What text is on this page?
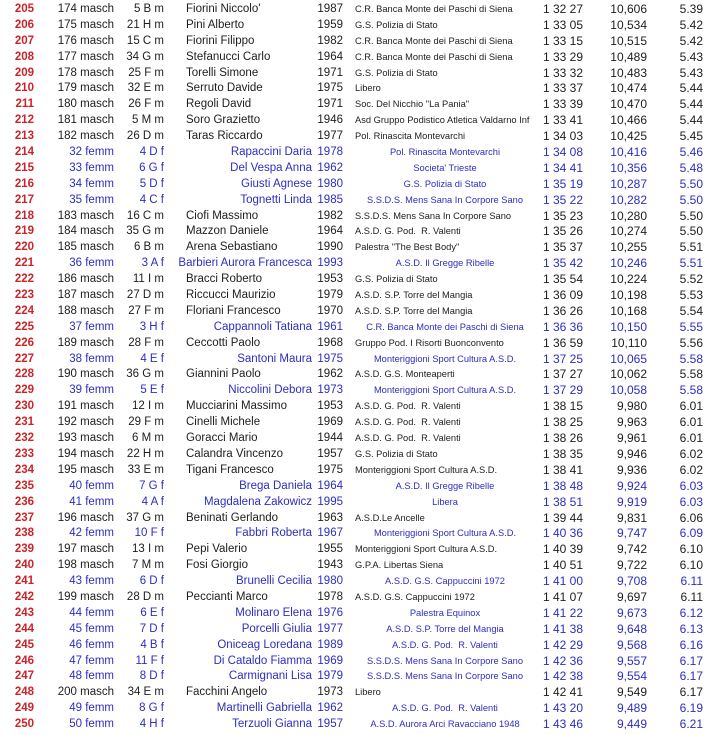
205	174 masch	5 B m	Fiorini Niccolo'	1987	C.R. Banca Monte dei Paschi di Siena	1 32 27	10,606	5.39
206	175 masch	21 H m	Pini Alberto	1959	G.S. Polizia di Stato	1 33 05	10,534	5.42
207	176 masch	15 C m	Fiorini Filippo	1982	C.R. Banca Monte dei Paschi di Siena	1 33 15	10,515	5.42
208	177 masch	34 G m	Stefanucci Carlo	1964	C.R. Banca Monte dei Paschi di Siena	1 33 29	10,489	5.43
209	178 masch	25 F m	Torelli Simone	1971	G.S. Polizia di Stato	1 33 32	10,483	5.43
210	179 masch	32 E m	Serruto Davide	1975	Libero	1 33 37	10,474	5.44
211	180 masch	26 F m	Regoli David	1971	Soc. Del Nicchio "La Pania"	1 33 39	10,470	5.44
212	181 masch	5 M m	Soro Grazietto	1946	Asd Gruppo Podistico Atletica Valdarno Inf	1 33 41	10,466	5.44
213	182 masch	26 D m	Taras Riccardo	1977	Pol. Rinascita Montevarchi	1 34 03	10,425	5.45
214	32 femm	4 D f	Rapaccini Daria 1978	Pol. Rinascita Montevarchi	1 34 08	10,416	5.46
215	33 femm	6 G f	Del Vespa Anna 1962	Societa' Trieste	1 34 41	10,356	5.48
216	34 femm	5 D f	Giusti Agnese 1980	G.S. Polizia di Stato	1 35 19	10,287	5.50
217	35 femm	4 C f	Tognetti Linda 1985	S.S.D.S. Mens Sana In Corpore Sano	1 35 22	10,282	5.50
218	183 masch	16 C m	Ciofi Massimo	1982	S.S.D.S. Mens Sana In Corpore Sano	1 35 23	10,280	5.50
219	184 masch	35 G m	Mazzon Daniele	1964	A.S.D. G. Pod.  R. Valenti	1 35 26	10,274	5.50
220	185 masch	6 B m	Arena Sebastiano	1990	Palestra "The Best Body"	1 35 37	10,255	5.51
221	36 femm	3 A f	Barbieri Aurora Francesca 1993	A.S.D. Il Gregge Ribelle	1 35 42	10,246	5.51
222	186 masch	11 I m	Bracci Roberto	1953	G.S. Polizia di Stato	1 35 54	10,224	5.52
223	187 masch	27 D m	Riccucci Maurizio	1979	A.S.D. S.P. Torre del Mangia	1 36 09	10,198	5.53
224	188 masch	27 F m	Floriani Francesco	1970	A.S.D. S.P. Torre del Mangia	1 36 26	10,168	5.54
225	37 femm	3 H f	Cappannoli Tatiana 1961	C.R. Banca Monte dei Paschi di Siena	1 36 36	10,150	5.55
226	189 masch	28 F m	Ceccotti Paolo	1968	Gruppo Pod. I Risorti Buonconvento	1 36 59	10,110	5.56
227	38 femm	4 E f	Santoni Maura 1975	Monteriggioni Sport Cultura A.S.D.	1 37 25	10,065	5.58
228	190 masch	36 G m	Giannini Paolo	1962	A.S.D. G.S. Monteaperti	1 37 27	10,062	5.58
229	39 femm	5 E f	Niccolini Debora 1973	Monteriggioni Sport Cultura A.S.D.	1 37 29	10,058	5.58
230	191 masch	12 I m	Mucciarini Massimo	1953	A.S.D. G. Pod.  R. Valenti	1 38 15	9,980	6.01
231	192 masch	29 F m	Cinelli Michele	1969	A.S.D. G. Pod.  R. Valenti	1 38 25	9,963	6.01
232	193 masch	6 M m	Goracci Mario	1944	A.S.D. G. Pod.  R. Valenti	1 38 26	9,961	6.01
233	194 masch	22 H m	Calandra Vincenzo	1957	G.S. Polizia di Stato	1 38 35	9,946	6.02
234	195 masch	33 E m	Tigani Francesco	1975	Monteriggioni Sport Cultura A.S.D.	1 38 41	9,936	6.02
235	40 femm	7 G f	Brega Daniela 1964	A.S.D. Il Gregge Ribelle	1 38 48	9,924	6.03
236	41 femm	4 A f	Magdalena Zakowicz 1995	Libera	1 38 51	9,919	6.03
237	196 masch	37 G m	Beninati Gerlando	1963	A.S.D.Le Ancelle	1 39 44	9,831	6.06
238	42 femm	10 F f	Fabbri Roberta 1967	Monteriggioni Sport Cultura A.S.D.	1 40 36	9,747	6.09
239	197 masch	13 I m	Pepi Valerio	1955	Monteriggioni Sport Cultura A.S.D.	1 40 39	9,742	6.10
240	198 masch	7 M m	Fosi Giorgio	1943	G.P.A. Libertas Siena	1 40 51	9,722	6.10
241	43 femm	6 D f	Brunelli Cecilia 1980	A.S.D. G.S. Cappuccini 1972	1 41 00	9,708	6.11
242	199 masch	28 D m	Peccianti Marco	1978	A.S.D. G.S. Cappuccini 1972	1 41 07	9,697	6.11
243	44 femm	6 E f	Molinaro Elena 1976	Palestra Equinox	1 41 22	9,673	6.12
244	45 femm	7 D f	Porcelli Giulia 1977	A.S.D. S.P. Torre del Mangia	1 41 38	9,648	6.13
245	46 femm	4 B f	Oniceag Loredana 1989	A.S.D. G. Pod.  R. Valenti	1 42 29	9,568	6.16
246	47 femm	11 F f	Di Cataldo Fiamma 1969	S.S.D.S. Mens Sana In Corpore Sano	1 42 36	9,557	6.17
247	48 femm	8 D f	Carmignani Lisa 1979	S.S.D.S. Mens Sana In Corpore Sano	1 42 38	9,554	6.17
248	200 masch	34 E m	Facchini Angelo	1973	Libero	1 42 41	9,549	6.17
249	49 femm	8 G f	Martinelli Gabriella 1962	A.S.D. G. Pod.  R. Valenti	1 43 20	9,489	6.19
250	50 femm	4 H f	Terzuoli Gianna 1957	A.S.D. Aurora Arci Ravacciano 1948	1 43 46	9,449	6.21
